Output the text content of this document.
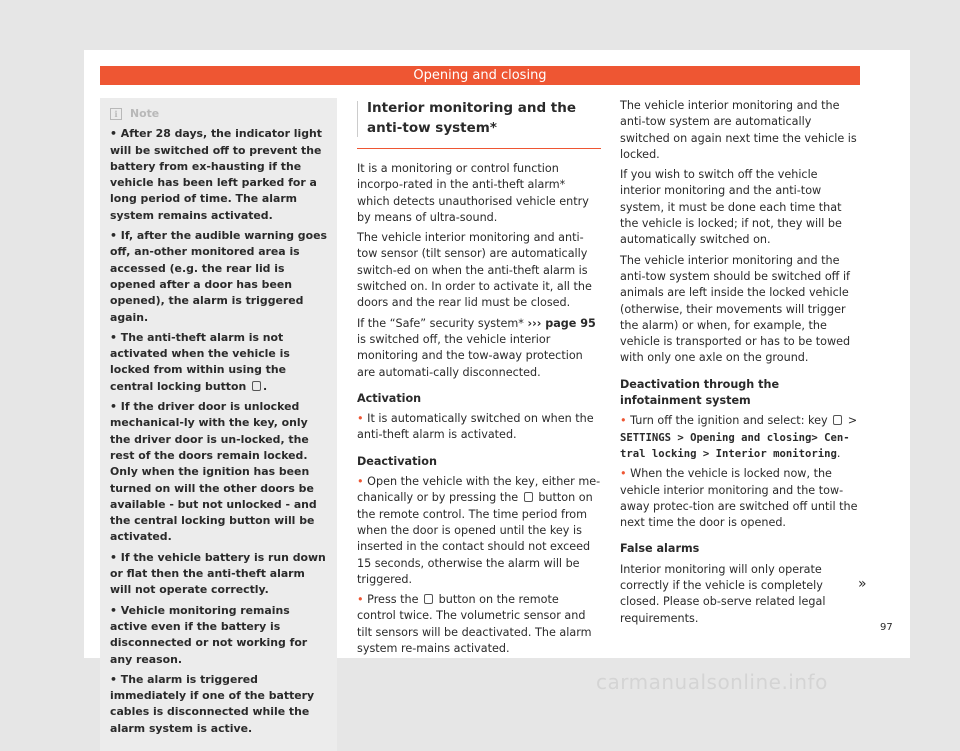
Opening and closing
i	Note
• After 28 days, the indicator light will be switched off to prevent the battery from ex-hausting if the vehicle has been left parked for a long period of time. The alarm system remains activated.
• If, after the audible warning goes off, an-other monitored area is accessed (e.g. the rear lid is opened after a door has been opened), the alarm is triggered again.
• The anti-theft alarm is not activated when the vehicle is locked from within using the central locking button .
• If the driver door is unlocked mechanical-ly with the key, only the driver door is un-locked, the rest of the doors remain locked. Only when the ignition has been turned on will the other doors be available - but not unlocked - and the central locking button will be activated.
• If the vehicle battery is run down or flat then the anti-theft alarm will not operate correctly.
• Vehicle monitoring remains active even if the battery is disconnected or not working for any reason.
• The alarm is triggered immediately if one of the battery cables is disconnected while the alarm system is active.
Interior monitoring and the anti-tow system*

It is a monitoring or control function incorpo-rated in the anti-theft alarm* which detects unauthorised vehicle entry by means of ultra-sound.

The vehicle interior monitoring and anti-tow sensor (tilt sensor) are automatically switch-ed on when the anti-theft alarm is switched on. In order to activate it, all the doors and the rear lid must be closed.

If the “Safe” security system* ››› page 95 is switched off, the vehicle interior monitoring and the tow-away protection are automati-cally disconnected.

Activation

• It is automatically switched on when the anti-theft alarm is activated.

Deactivation

• Open the vehicle with the key, either me-chanically or by pressing the button on the remote control. The time period from when the door is opened until the key is inserted in the contact should not exceed 15 seconds, otherwise the alarm will be triggered.

• Press the button on the remote control twice. The volumetric sensor and tilt sensors will be deactivated. The alarm system re-mains activated.

The vehicle interior monitoring and the anti-tow system are automatically switched on again next time the vehicle is locked.

If you wish to switch off the vehicle interior monitoring and the anti-tow system, it must be done each time that the vehicle is locked; if not, they will be automatically switched on.

The vehicle interior monitoring and the anti-tow system should be switched off if animals are left inside the locked vehicle (otherwise, their movements will trigger the alarm) or when, for example, the vehicle is transported or has to be towed with only one axle on the ground.

Deactivation through the infotainment system

• Turn off the ignition and select: key > SETTINGS > Opening and closing> Cen-tral locking > Interior monitoring.

• When the vehicle is locked now, the vehicle interior monitoring and the tow-away protec-tion are switched off until the next time the door is opened.

False alarms

Interior monitoring will only operate correctly if the vehicle is completely closed. Please ob-serve related legal requirements.

»
97
carmanualsonline.info
